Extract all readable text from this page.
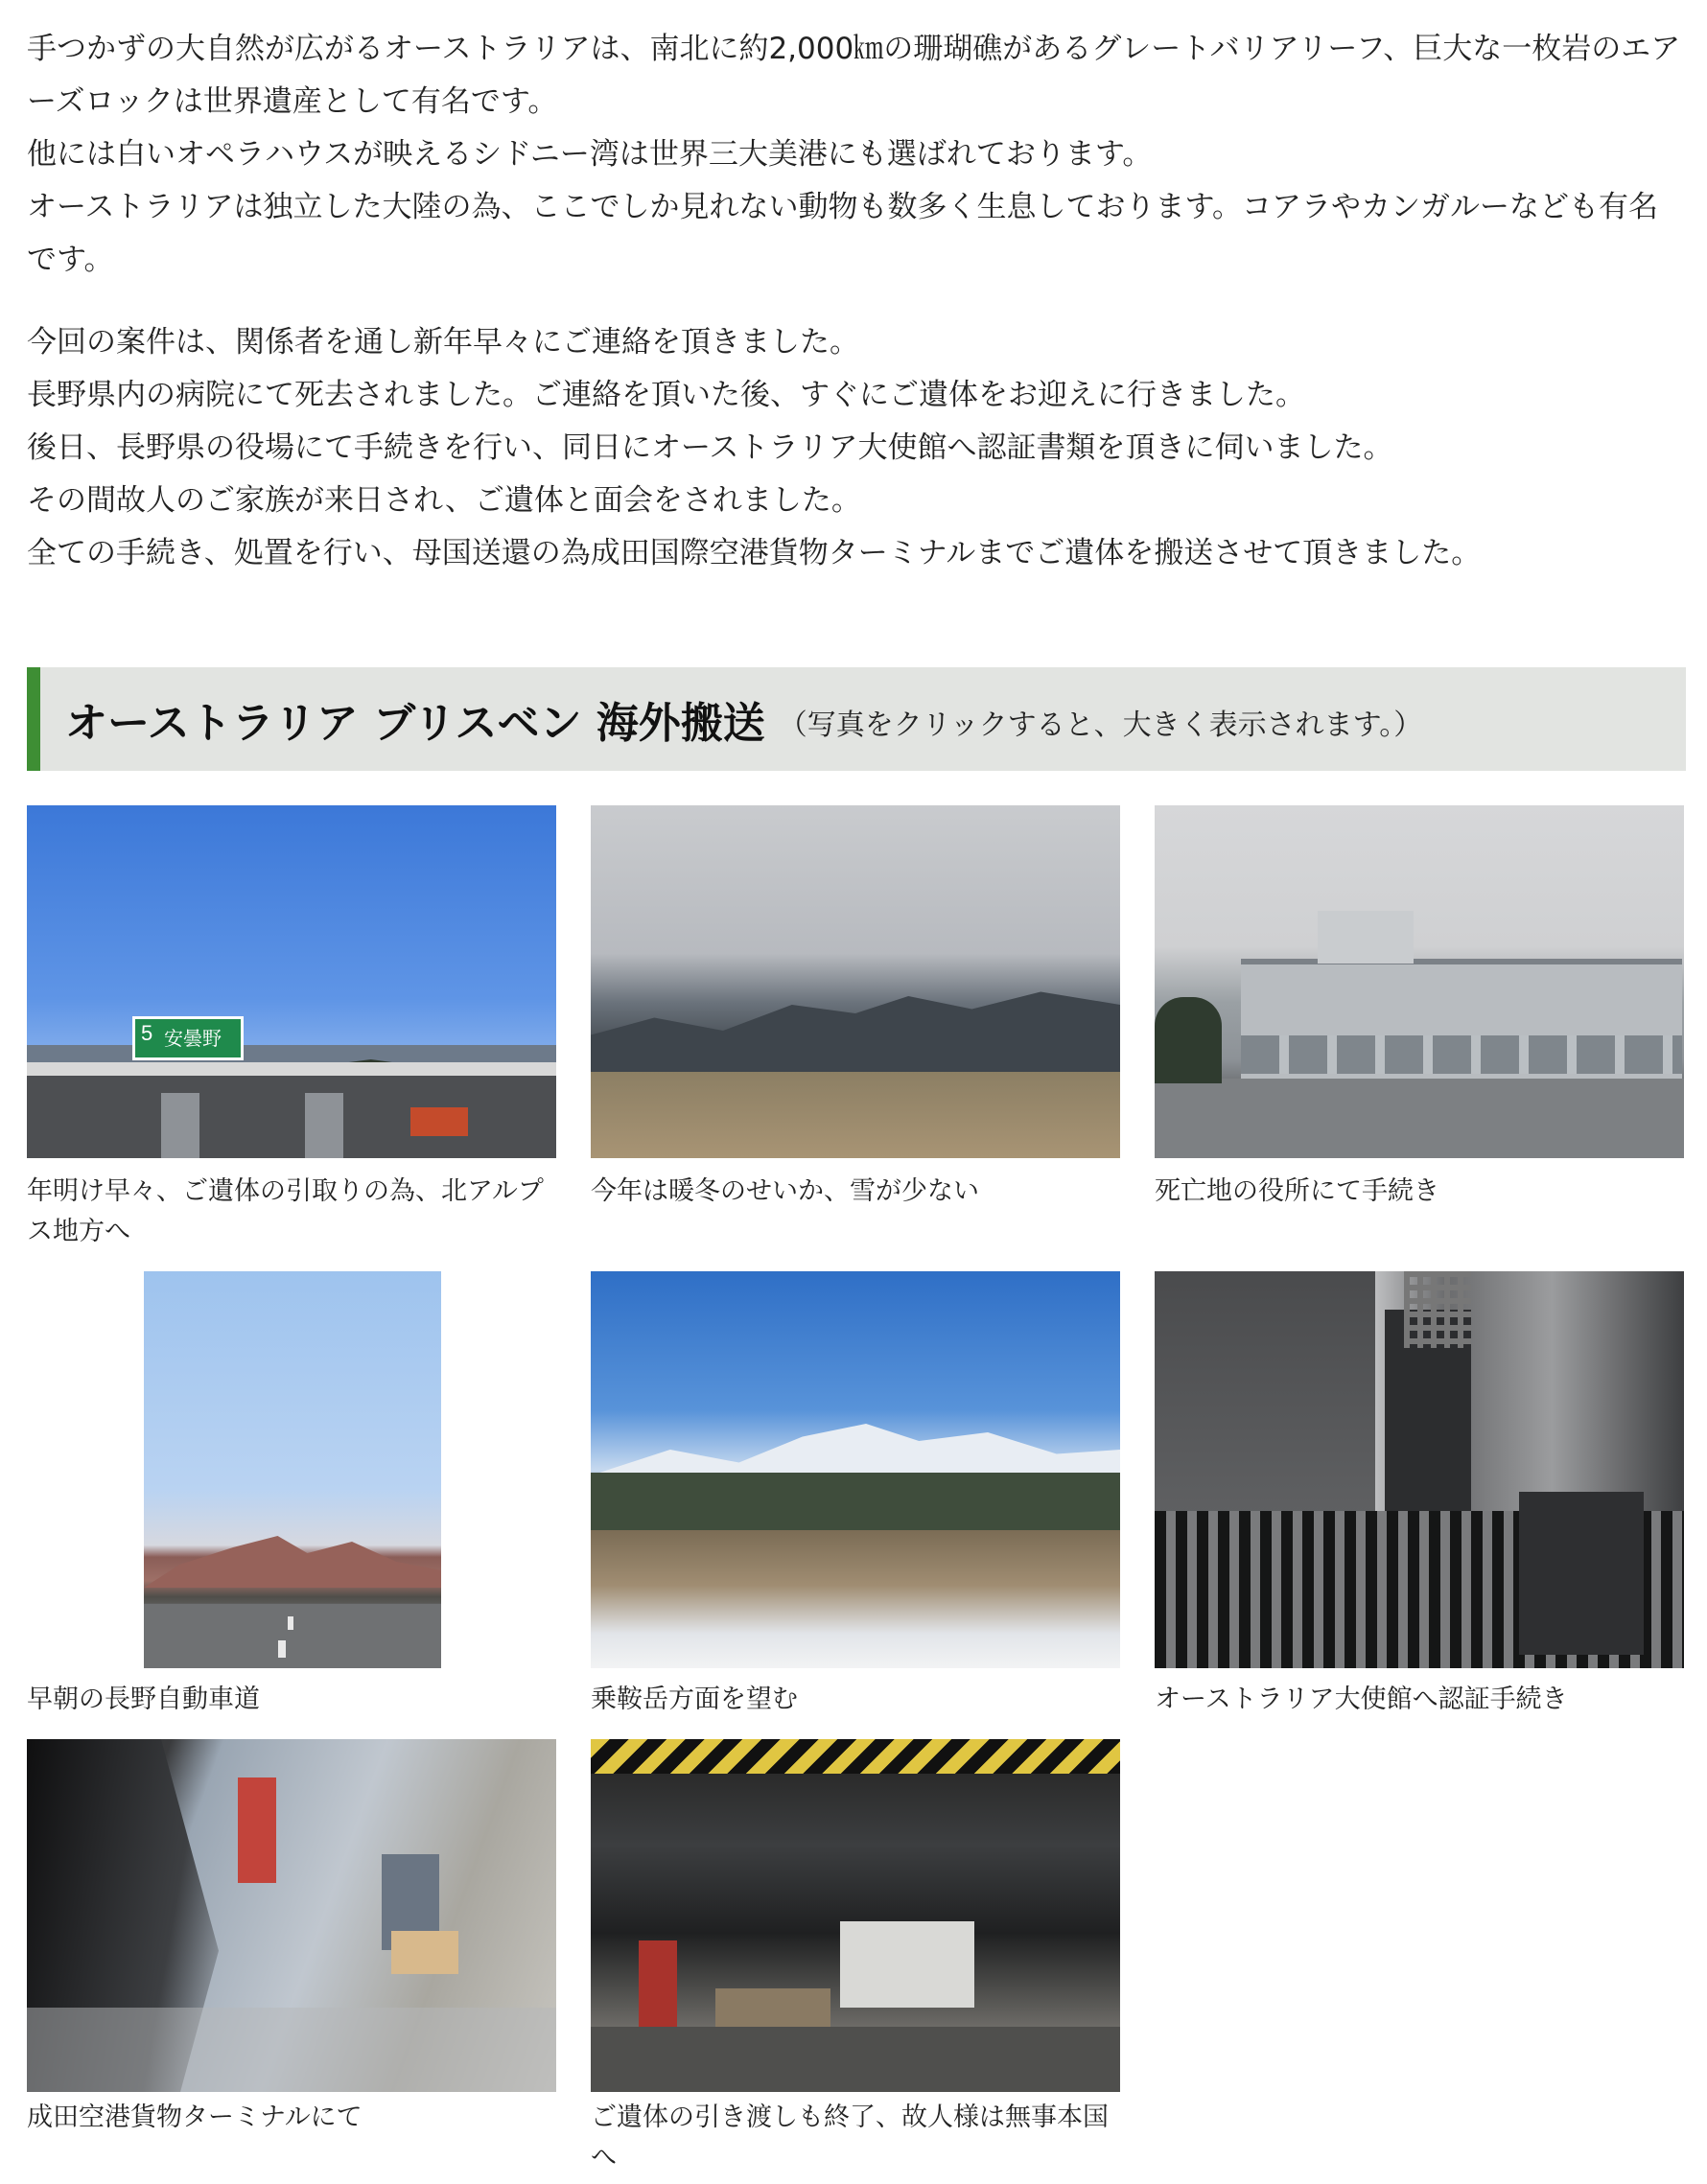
手つかずの大自然が広がるオーストラリアは、南北に約2,000㎞の珊瑚礁があるグレートバリアリーフ、巨大な一枚岩のエアーズロックは世界遺産として有名です。

他には白いオペラハウスが映えるシドニー湾は世界三大美港にも選ばれております。

オーストラリアは独立した大陸の為、ここでしか見れない動物も数多く生息しております。コアラやカンガルーなども有名です。

今回の案件は、関係者を通し新年早々にご連絡を頂きました。

長野県内の病院にて死去されました。ご連絡を頂いた後、すぐにご遺体をお迎えに行きました。

後日、長野県の役場にて手続きを行い、同日にオーストラリア大使館へ認証書類を頂きに伺いました。

その間故人のご家族が来日され、ご遺体と面会をされました。

全ての手続き、処置を行い、母国送還の為成田国際空港貨物ターミナルまでご遺体を搬送させて頂きました。

オーストラリア ブリスベン 海外搬送 （写真をクリックすると、大きく表示されます。）
5 安曇野

年明け早々、ご遺体の引取りの為、北アルプス地方へ

今年は暖冬のせいか、雪が少ない	死亡地の役所にて手続き

早朝の長野自動車道	乗鞍岳方面を望む	オーストラリア大使館へ認証手続き

成田空港貨物ターミナルにて	ご遺体の引き渡しも終了、故人様は無事本国へ
